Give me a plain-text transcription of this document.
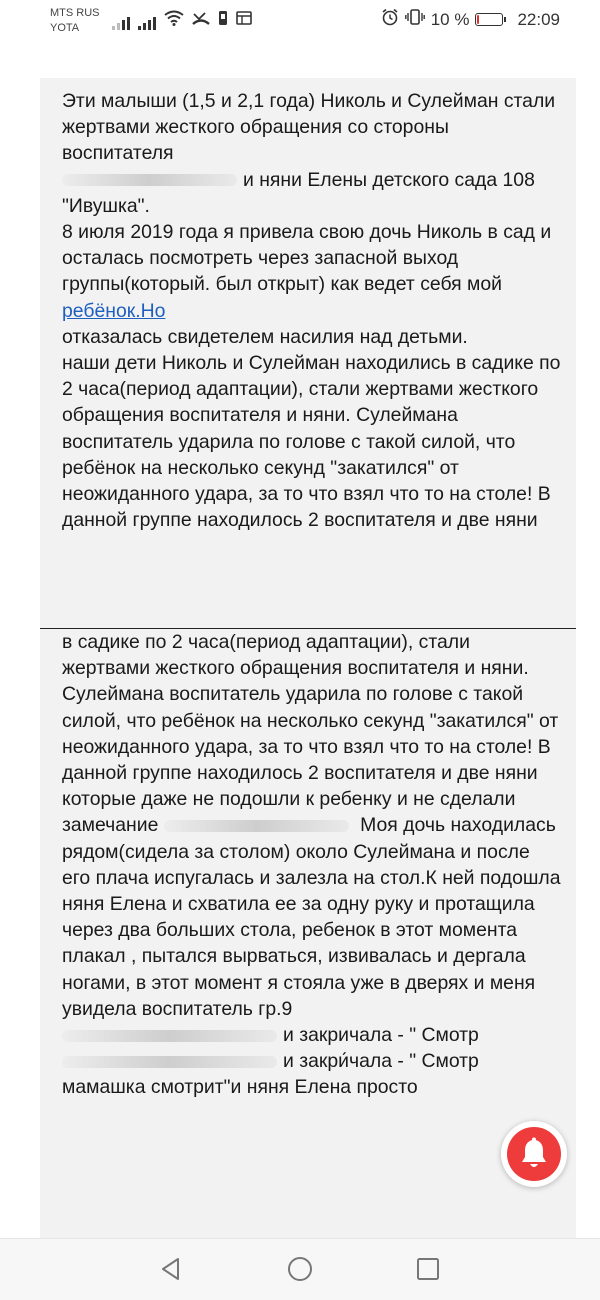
MTS RUS
YOTA	10 %	22:09
Эти малыши (1,5 и 2,1 года) Николь и Сулейман стали жертвами жесткого обращения со стороны воспитателя
и няни Елены детского сада 108 "Ивушка".
8 июля 2019 года я привела свою дочь Николь в сад и осталась посмотреть через запасной выход группы(который. был открыт) как ведет себя мой ребёнок.Но
отказалась свидетелем насилия над детьми.
наши дети Николь и Сулейман находились в садике по 2 часа(период адаптации), стали жертвами жесткого обращения воспитателя и няни. Сулеймана воспитатель ударила по голове с такой силой, что ребёнок на несколько секунд "закатился" от неожиданного удара, за то что взял что то на столе! В данной группе находилось 2 воспитателя и две няни
в садике по 2 часа(период адаптации), стали жертвами жесткого обращения воспитателя и няни. Сулеймана воспитатель ударила по голове с такой силой, что ребёнок на несколько секунд "закатился" от неожиданного удара, за то что взял что то на столе! В данной группе находилось 2 воспитателя и две няни которые даже не подошли к ребенку и не сделали замечание	Моя дочь находилась рядом(сидела за столом) около Сулеймана и после его плача испугалась и залезла на стол.К ней подошла няня Елена и схватила ее за одну руку и протащила через два больших стола, ребенок в этот момента плакал , пытался вырваться, извивалась и дергала ногами, в этот момент я стояла уже в дверях и меня увидела воспитатель гр.9
и закричала - " Смотр
и закри́чала - " Смотр
мамашка смотрит"и няня Елена просто
